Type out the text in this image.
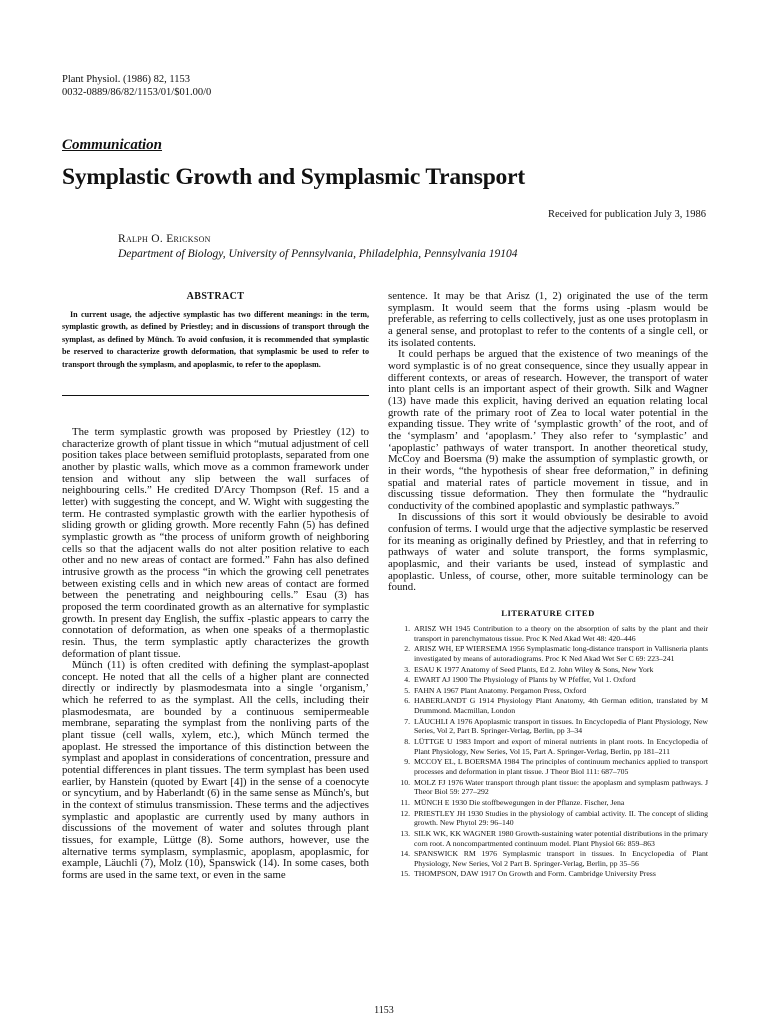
Plant Physiol. (1986) 82, 1153
0032-0889/86/82/1153/01/$01.00/0
Communication
Symplastic Growth and Symplasmic Transport
Received for publication July 3, 1986
Ralph O. Erickson
Department of Biology, University of Pennsylvania, Philadelphia, Pennsylvania 19104
ABSTRACT

In current usage, the adjective symplastic has two different meanings: in the term, symplastic growth, as defined by Priestley; and in discussions of transport through the symplast, as defined by Münch. To avoid confusion, it is recommended that symplastic be reserved to characterize growth deformation, that symplasmic be used to refer to transport through the symplasm, and apoplasmic, to refer to the apoplasm.

The term symplastic growth was proposed by Priestley (12) to characterize growth of plant tissue in which “mutual adjustment of cell position takes place between semifluid protoplasts, separated from one another by plastic walls, which move as a common framework under tension and without any slip between the wall surfaces of neighbouring cells.” He credited D'Arcy Thompson (Ref. 15 and a letter) with suggesting the concept, and W. Wight with suggesting the term. He contrasted symplastic growth with the earlier hypothesis of sliding growth or gliding growth. More recently Fahn (5) has defined symplastic growth as “the process of uniform growth of neighboring cells so that the adjacent walls do not alter position relative to each other and no new areas of contact are formed.” Fahn has also defined intrusive growth as the process “in which the growing cell penetrates between existing cells and in which new areas of contact are formed between the penetrating and neighbouring cells.” Esau (3) has proposed the term coordinated growth as an alternative for symplastic growth. In present day English, the suffix -plastic appears to carry the connotation of deformation, as when one speaks of a thermoplastic resin. Thus, the term symplastic aptly characterizes the growth deformation of plant tissue.

Münch (11) is often credited with defining the symplast-apoplast concept. He noted that all the cells of a higher plant are connected directly or indirectly by plasmodesmata into a single ‘organism,’ which he referred to as the symplast. All the cells, including their plasmodesmata, are bounded by a continuous semipermeable membrane, separating the symplast from the nonliving parts of the plant tissue (cell walls, xylem, etc.), which Münch termed the apoplast. He stressed the importance of this distinction between the symplast and apoplast in considerations of concentration, pressure and potential differences in plant tissues. The term symplast has been used earlier, by Hanstein (quoted by Ewart [4]) in the sense of a coenocyte or syncytium, and by Haberlandt (6) in the same sense as Münch's, but in the context of stimulus transmission. These terms and the adjectives symplastic and apoplastic are currently used by many authors in discussions of the movement of water and solutes through plant tissues, for example, Lüttge (8). Some authors, however, use the alternative terms symplasm, symplasmic, apoplasm, apoplasmic, for example, Läuchli (7), Molz (10), Spanswick (14). In some cases, both forms are used in the same text, or even in the same

sentence. It may be that Arisz (1, 2) originated the use of the term symplasm. It would seem that the forms using -plasm would be preferable, as referring to cells collectively, just as one uses protoplasm in a general sense, and protoplast to refer to the contents of a single cell, or its isolated contents.

It could perhaps be argued that the existence of two meanings of the word symplastic is of no great consequence, since they usually appear in different contexts, or areas of research. However, the transport of water into plant cells is an important aspect of their growth. Silk and Wagner (13) have made this explicit, having derived an equation relating local growth rate of the primary root of Zea to local water potential in the expanding tissue. They write of ‘symplastic growth’ of the root, and of the ‘symplasm’ and ‘apoplasm.’ They also refer to ‘symplastic’ and ‘apoplastic’ pathways of water transport. In another theoretical study, McCoy and Boersma (9) make the assumption of symplastic growth, or in their words, “the hypothesis of shear free deformation,” in defining spatial and material rates of particle movement in tissue, and in discussing tissue deformation. They then formulate the “hydraulic conductivity of the combined apoplastic and symplastic pathways.”

In discussions of this sort it would obviously be desirable to avoid confusion of terms. I would urge that the adjective symplastic be reserved for its meaning as originally defined by Priestley, and that in referring to pathways of water and solute transport, the forms symplasmic, apoplasmic, and their variants be used, instead of symplastic and apoplastic. Unless, of course, other, more suitable terminology can be found.

LITERATURE CITED
1. ARISZ WH 1945 Contribution to a theory on the absorption of salts by the plant and their transport in parenchymatous tissue. Proc K Ned Akad Wet 48: 420–446
2. ARISZ WH, EP WIERSEMA 1956 Symplasmatic long-distance transport in Vallisneria plants investigated by means of autoradiograms. Proc K Ned Akad Wet Ser C 69: 223–241
3. ESAU K 1977 Anatomy of Seed Plants, Ed 2. John Wiley & Sons, New York
4. EWART AJ 1900 The Physiology of Plants by W Pfeffer, Vol 1. Oxford
5. FAHN A 1967 Plant Anatomy. Pergamon Press, Oxford
6. HABERLANDT G 1914 Physiology Plant Anatomy, 4th German edition, translated by M Drummond. Macmillan, London
7. LÄUCHLI A 1976 Apoplasmic transport in tissues. In Encyclopedia of Plant Physiology, New Series, Vol 2, Part B. Springer-Verlag, Berlin, pp 3–34
8. LÜTTGE U 1983 Import and export of mineral nutrients in plant roots. In Encyclopedia of Plant Physiology, New Series, Vol 15, Part A. Springer-Verlag, Berlin, pp 181–211
9. MCCOY EL, L BOERSMA 1984 The principles of continuum mechanics applied to transport processes and deformation in plant tissue. J Theor Biol 111: 687–705
10. MOLZ FJ 1976 Water transport through plant tissue: the apoplasm and symplasm pathways. J Theor Biol 59: 277–292
11. MÜNCH E 1930 Die stoffbewegungen in der Pflanze. Fischer, Jena
12. PRIESTLEY JH 1930 Studies in the physiology of cambial activity. II. The concept of sliding growth. New Phytol 29: 96–140
13. SILK WK, KK WAGNER 1980 Growth-sustaining water potential distributions in the primary corn root. A noncompartmented continuum model. Plant Physiol 66: 859–863
14. SPANSWICK RM 1976 Symplasmic transport in tissues. In Encyclopedia of Plant Physiology, New Series, Vol 2 Part B. Springer-Verlag, Berlin, pp 35–56
15. THOMPSON, DAW 1917 On Growth and Form. Cambridge University Press
1153
